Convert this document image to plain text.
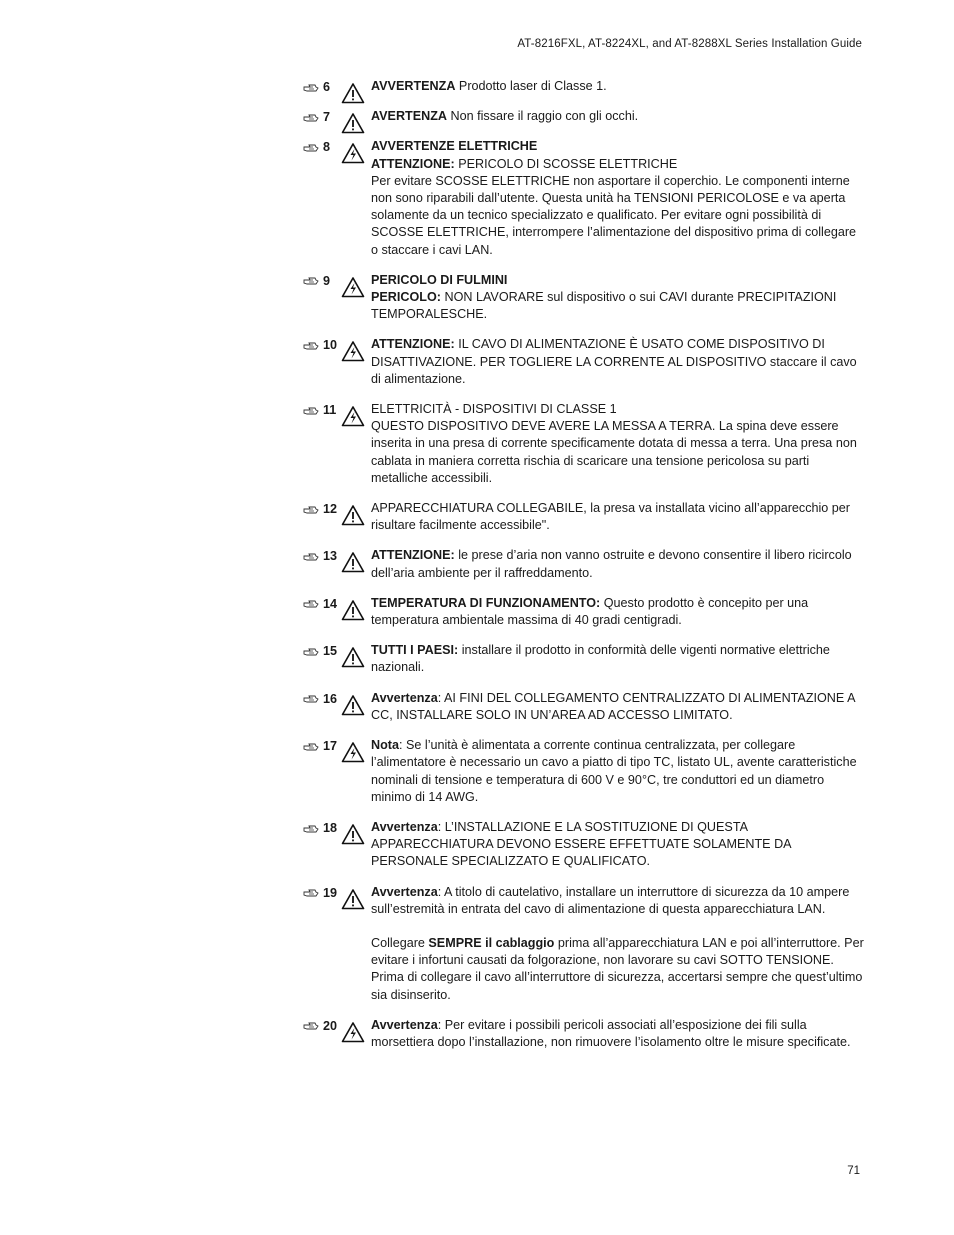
AT-8216FXL, AT-8224XL, and AT-8288XL Series Installation Guide
6	AVVERTENZA Prodotto laser di Classe 1.
7	AVERTENZA Non fissare il raggio con gli occhi.
8	AVVERTENZE ELETTRICHE
ATTENZIONE: PERICOLO DI SCOSSE ELETTRICHE
Per evitare SCOSSE ELETTRICHE non asportare il coperchio. Le componenti interne non sono riparabili dall’utente. Questa unità ha TENSIONI PERICOLOSE e va aperta solamente da un tecnico specializzato e qualificato. Per evitare ogni possibilità di SCOSSE ELETTRICHE, interrompere l’alimentazione del dispositivo prima di collegare o staccare i cavi LAN.
9	PERICOLO DI FULMINI
PERICOLO: NON LAVORARE sul dispositivo o sui CAVI durante PRECIPITAZIONI TEMPORALESCHE.
10	ATTENZIONE: IL CAVO DI ALIMENTAZIONE È USATO COME DISPOSITIVO DI DISATTIVAZIONE. PER TOGLIERE LA CORRENTE AL DISPOSITIVO staccare il cavo di alimentazione.
11	ELETTRICITÀ - DISPOSITIVI DI CLASSE 1
QUESTO DISPOSITIVO DEVE AVERE LA MESSA A TERRA. La spina deve essere inserita in una presa di corrente specificamente dotata di messa a terra. Una presa non cablata in maniera corretta rischia di scaricare una tensione pericolosa su parti metalliche accessibili.
12	APPARECCHIATURA COLLEGABILE, la presa va installata vicino all’apparecchio per risultare facilmente accessibile".
13	ATTENZIONE: le prese d’aria non vanno ostruite e devono consentire il libero ricircolo dell’aria ambiente per il raffreddamento.
14	TEMPERATURA DI FUNZIONAMENTO: Questo prodotto è concepito per una temperatura ambientale massima di 40 gradi centigradi.
15	TUTTI I PAESI: installare il prodotto in conformità delle vigenti normative elettriche nazionali.
16	Avvertenza: AI FINI DEL COLLEGAMENTO CENTRALIZZATO DI ALIMENTAZIONE A CC, INSTALLARE SOLO IN UN’AREA AD ACCESSO LIMITATO.
17	Nota: Se l’unità è alimentata a corrente continua centralizzata, per collegare l’alimentatore è necessario un cavo a piatto di tipo TC, listato UL, avente caratteristiche nominali di tensione e temperatura di 600 V e 90°C, tre conduttori ed un diametro minimo di 14 AWG.
18	Avvertenza: L’INSTALLAZIONE E LA SOSTITUZIONE DI QUESTA APPARECCHIATURA DEVONO ESSERE EFFETTUATE SOLAMENTE DA PERSONALE SPECIALIZZATO E QUALIFICATO.
19	Avvertenza: A titolo di cautelativo, installare un interruttore di sicurezza da 10 ampere sull’estremità in entrata del cavo di alimentazione di questa apparecchiatura LAN.
Collegare SEMPRE il cablaggio prima all’apparecchiatura LAN e poi all’interruttore. Per evitare i infortuni causati da folgorazione, non lavorare su cavi SOTTO TENSIONE. Prima di collegare il cavo all’interruttore di sicurezza, accertarsi sempre che quest’ultimo sia disinserito.
20	Avvertenza: Per evitare i possibili pericoli associati all’esposizione dei fili sulla morsettiera dopo l’installazione, non rimuovere l’isolamento oltre le misure specificate.
71
